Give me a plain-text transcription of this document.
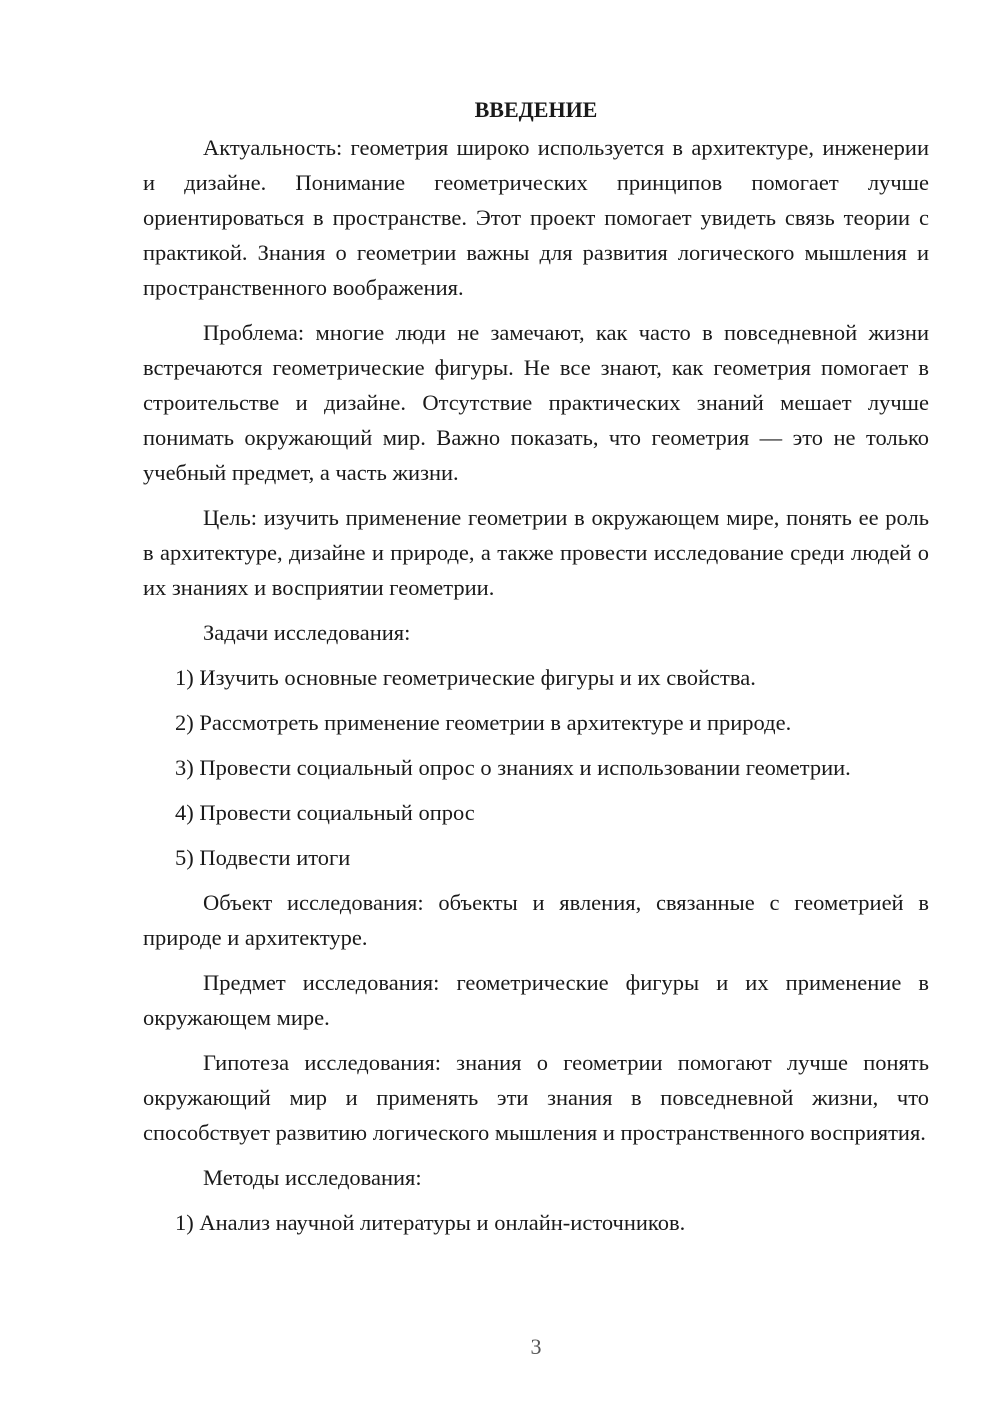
ВВЕДЕНИЕ

Актуальность: геометрия широко используется в архитектуре, инженерии и дизайне. Понимание геометрических принципов помогает лучше ориентироваться в пространстве. Этот проект помогает увидеть связь теории с практикой. Знания о геометрии важны для развития логического мышления и пространственного воображения.

Проблема: многие люди не замечают, как часто в повседневной жизни встречаются геометрические фигуры. Не все знают, как геометрия помогает в строительстве и дизайне. Отсутствие практических знаний мешает лучше понимать окружающий мир. Важно показать, что геометрия — это не только учебный предмет, а часть жизни.

Цель: изучить применение геометрии в окружающем мире, понять ее роль в архитектуре, дизайне и природе, а также провести исследование среди людей о их знаниях и восприятии геометрии.

Задачи исследования:

1) Изучить основные геометрические фигуры и их свойства.

2) Рассмотреть применение геометрии в архитектуре и природе.

3) Провести социальный опрос о знаниях и использовании геометрии.

4) Провести социальный опрос

5) Подвести итоги

Объект исследования: объекты и явления, связанные с геометрией в природе и архитектуре.

Предмет исследования: геометрические фигуры и их применение в окружающем мире.

Гипотеза исследования: знания о геометрии помогают лучше понять окружающий мир и применять эти знания в повседневной жизни, что способствует развитию логического мышления и пространственного восприятия.

Методы исследования:

1) Анализ научной литературы и онлайн-источников.

3
